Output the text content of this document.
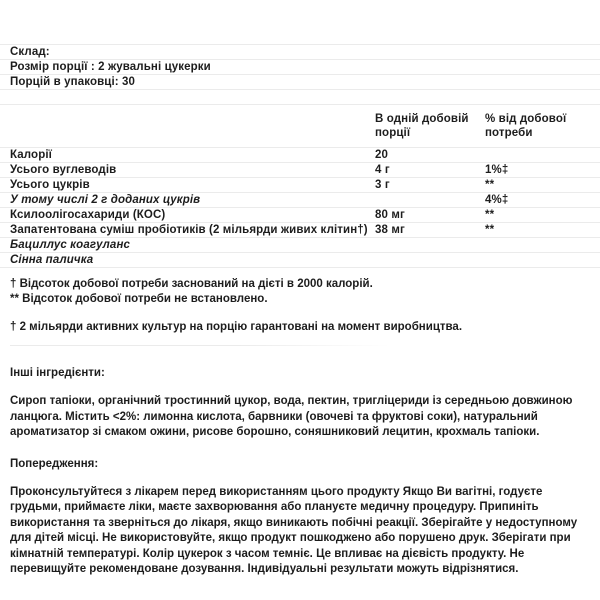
Склад:		
Розмір порції : 2 жувальні цукерки		
Порцій в упаковці: 30		

	В одній добовій порції	% від добової потреби
Калорії	20	
Усього вуглеводів	4 г	1%‡
Усього цукрів	3 г	**
У тому числі 2 г доданих цукрів		4%‡
Ксилоолігосахариди (КОС)	80 мг	**
Запатентована суміш пробіотиків (2 мільярди живих клітин†)	38 мг	**
Бациллус коагуланс		
Сінна паличка		

† Відсоток добової потреби заснований на дієті в 2000 калорій.

** Відсоток добової потреби не встановлено.

† 2 мільярди активних культур на порцію гарантовані на момент виробництва.

Інші інгредієнти:

Сироп тапіоки, органічний тростинний цукор, вода, пектин, тригліцериди із середньою довжиною ланцюга. Містить <2%: лимонна кислота, барвники (овочеві та фруктові соки), натуральний ароматизатор зі смаком ожини, рисове борошно, соняшниковий лецитин, крохмаль тапіоки.

Попередження:

Проконсультуйтеся з лікарем перед використанням цього продукту Якщо Ви вагітні, годуєте грудьми, приймаєте ліки, маєте захворювання або плануєте медичну процедуру. Припиніть використання та зверніться до лікаря, якщо виникають побічні реакції. Зберігайте у недоступному для дітей місці. Не використовуйте, якщо продукт пошкоджено або порушено друк. Зберігати при кімнатній температурі. Колір цукерок з часом темніє. Це впливає на дієвість продукту. Не перевищуйте рекомендоване дозування. Індивідуальні результати можуть відрізнятися.
